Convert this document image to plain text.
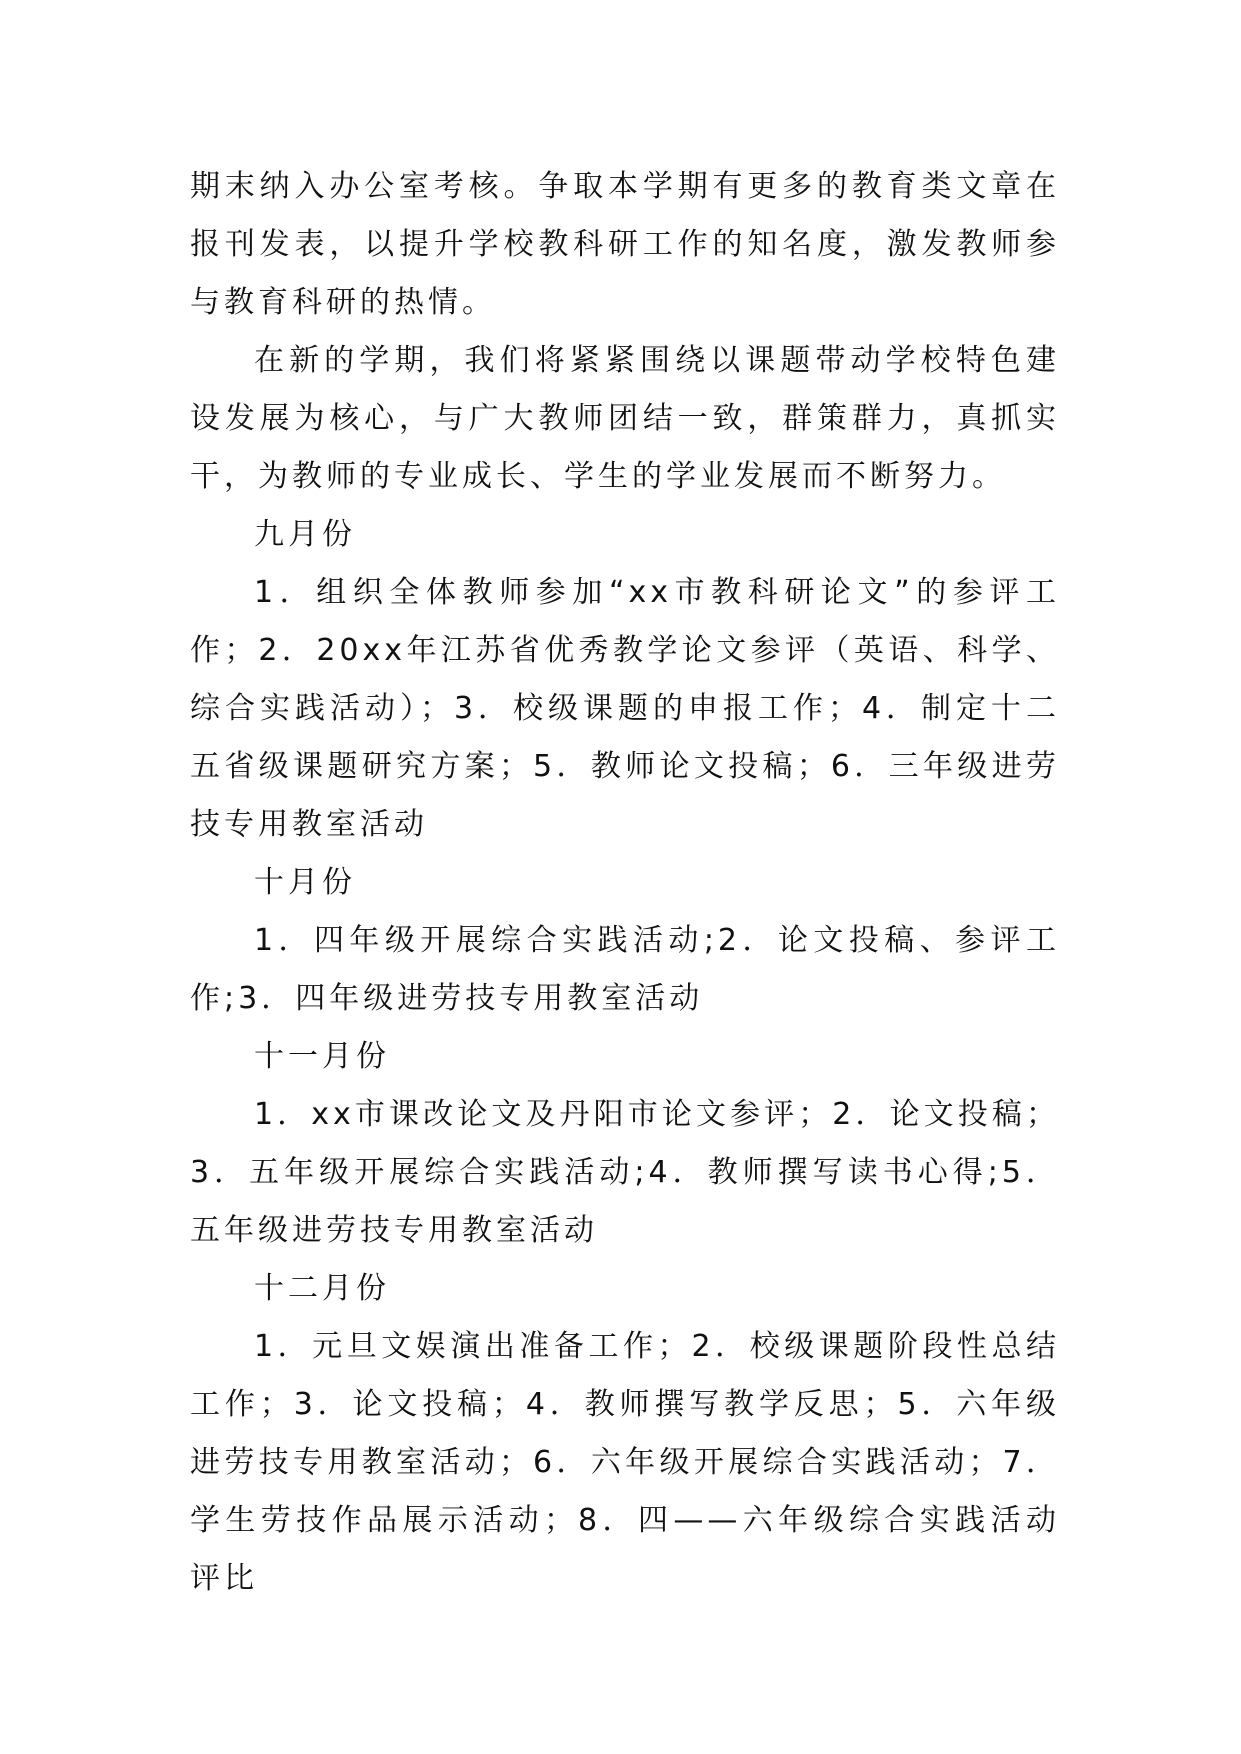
期末纳入办公室考核。争取本学期有更多的教育类文章在报刊发表，以提升学校教科研工作的知名度，激发教师参与教育科研的热情。

在新的学期，我们将紧紧围绕以课题带动学校特色建设发展为核心，与广大教师团结一致，群策群力，真抓实干，为教师的专业成长、学生的学业发展而不断努力。

九月份

1．组织全体教师参加“xx市教科研论文”的参评工作；2．20xx年江苏省优秀教学论文参评（英语、科学、综合实践活动）；3．校级课题的申报工作；4．制定十二五省级课题研究方案；5．教师论文投稿；6．三年级进劳技专用教室活动

十月份

1．四年级开展综合实践活动;2．论文投稿、参评工作;3．四年级进劳技专用教室活动

十一月份

1．xx市课改论文及丹阳市论文参评；2．论文投稿；3．五年级开展综合实践活动;4．教师撰写读书心得;5．五年级进劳技专用教室活动

十二月份

1．元旦文娱演出准备工作；2．校级课题阶段性总结工作；3．论文投稿；4．教师撰写教学反思；5．六年级进劳技专用教室活动；6．六年级开展综合实践活动；7．学生劳技作品展示活动；8．四——六年级综合实践活动评比
